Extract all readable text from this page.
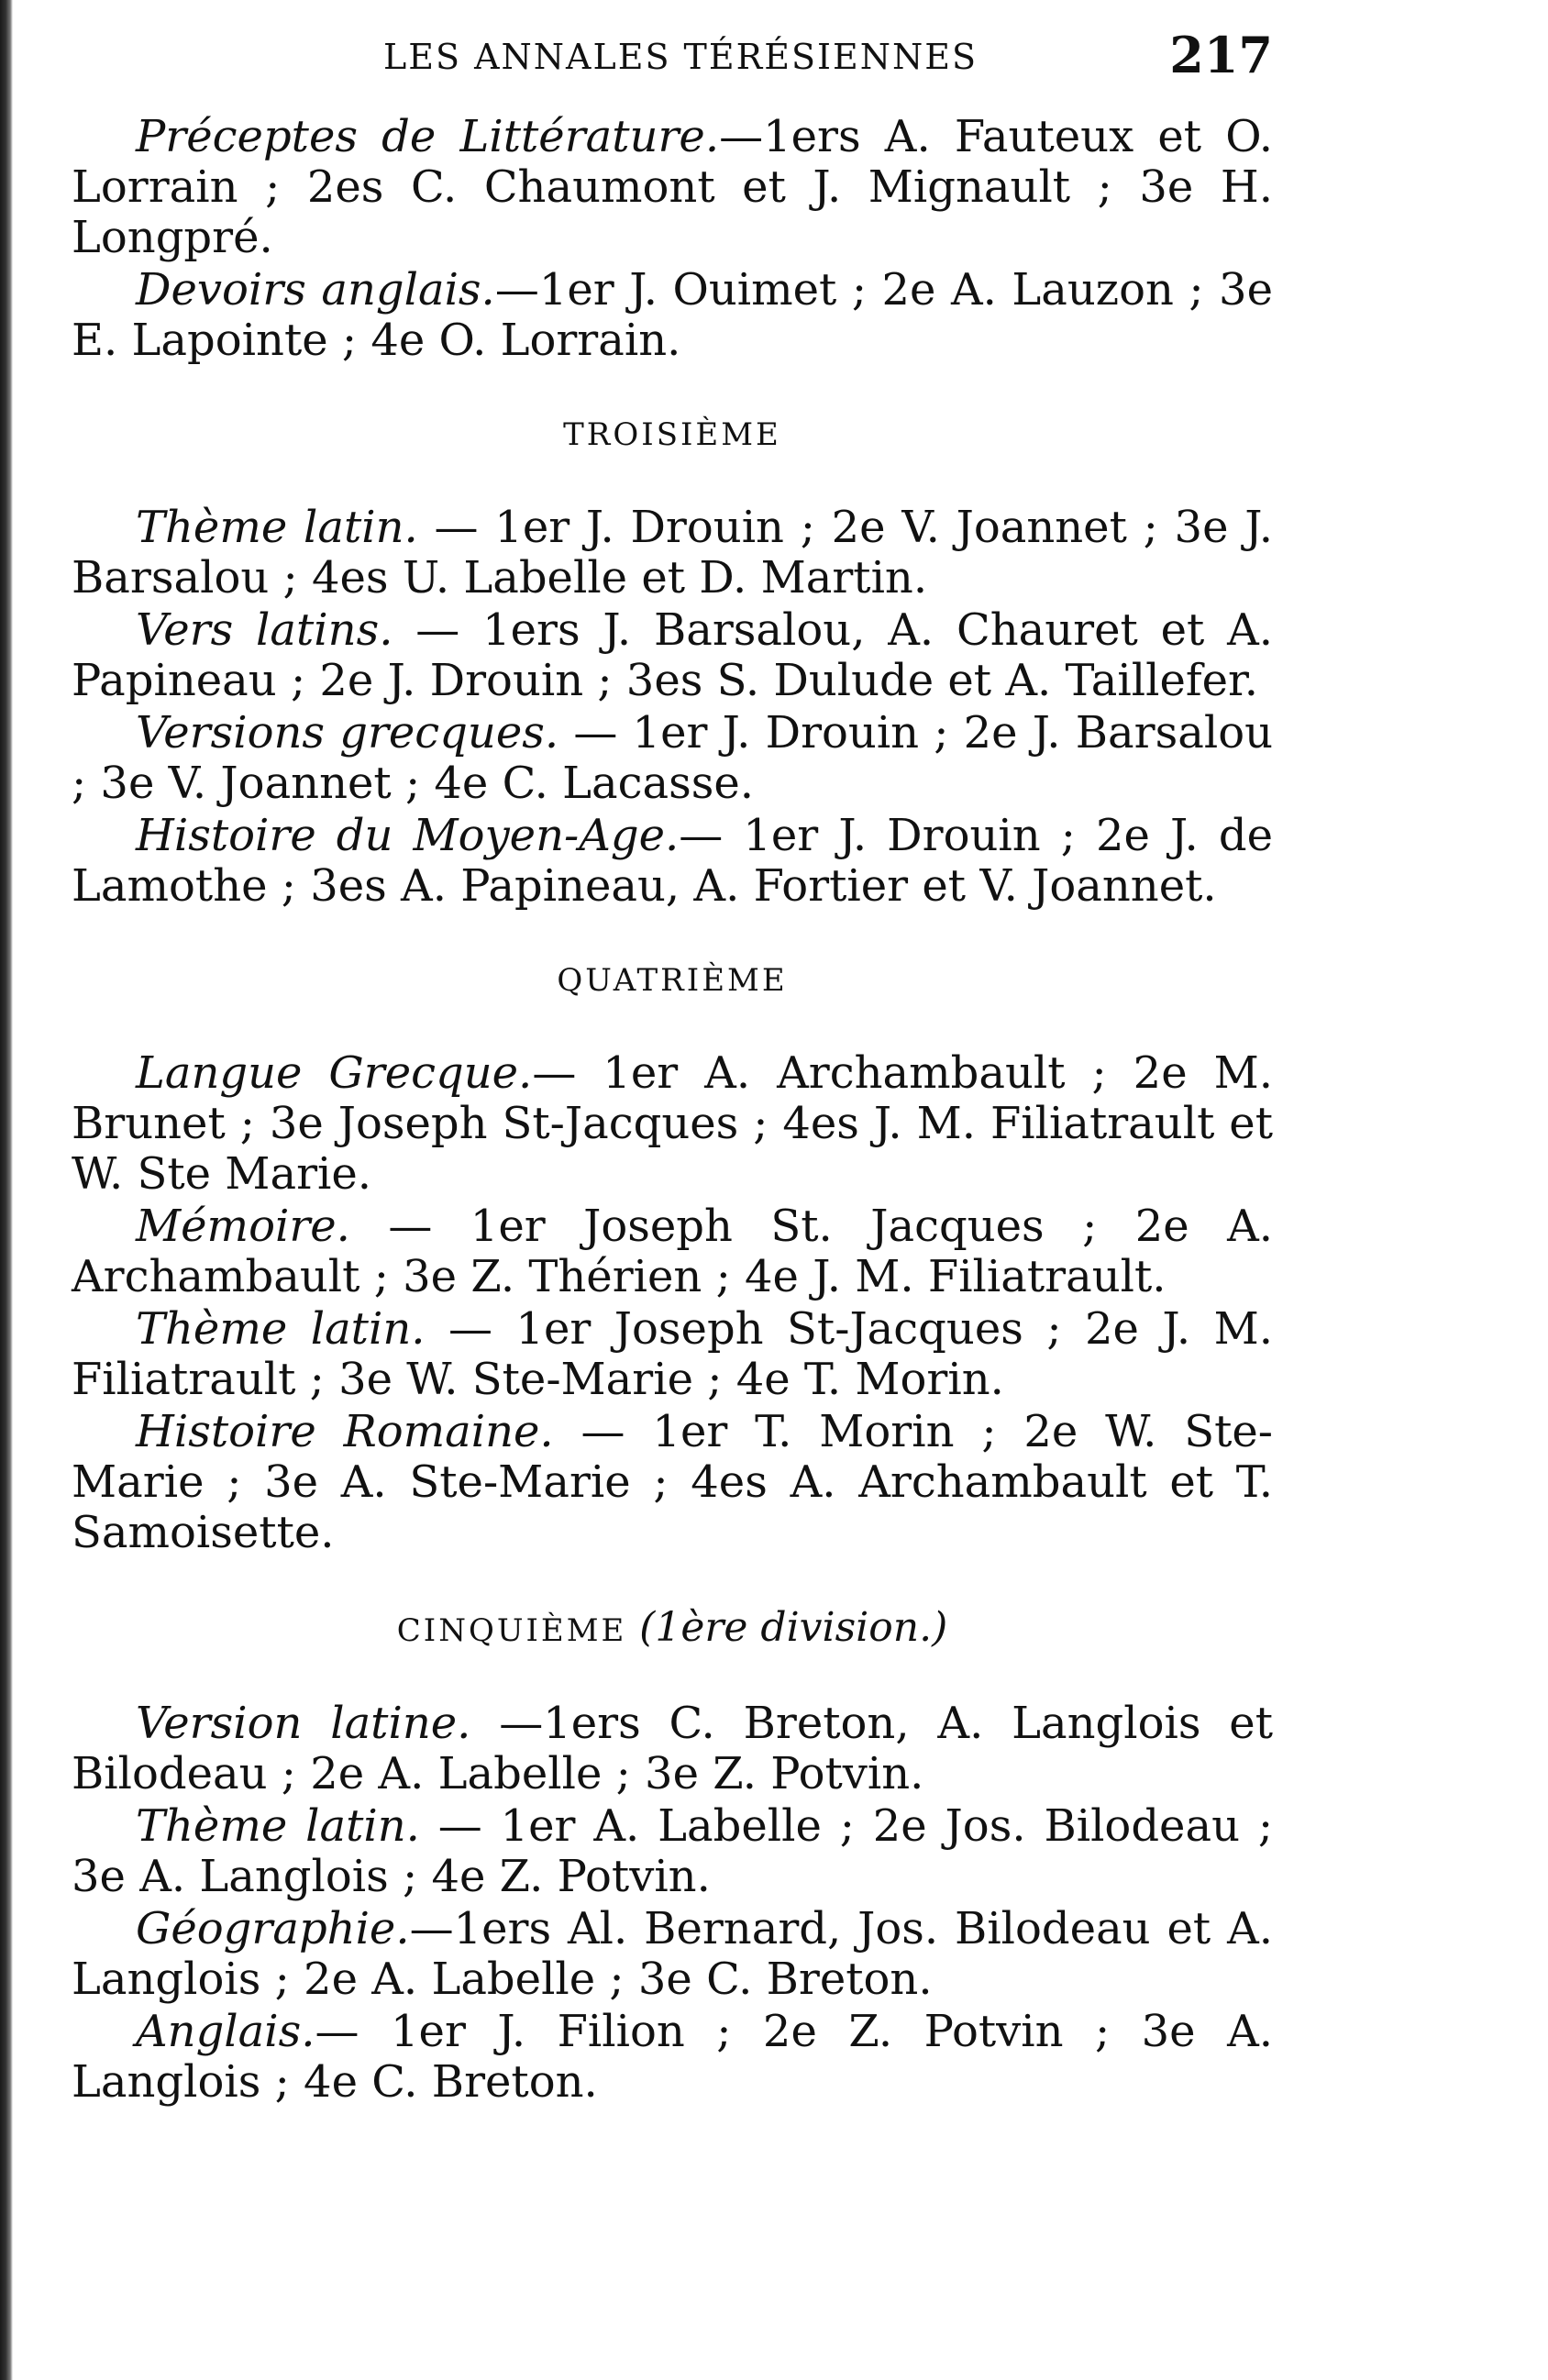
LES ANNALES TÉRÉSIENNES	217

Préceptes de Littérature.—1ers A. Fauteux et O. Lorrain ; 2es C. Chaumont et J. Mignault ; 3e H. Longpré.

Devoirs anglais.—1er J. Ouimet ; 2e A. Lauzon ; 3e E. Lapointe ; 4e O. Lorrain.

TROISIÈME

Thème latin. — 1er J. Drouin ; 2e V. Joannet ; 3e J. Barsalou ; 4es U. Labelle et D. Martin.

Vers latins. — 1ers J. Barsalou, A. Chauret et A. Papineau ; 2e J. Drouin ; 3es S. Dulude et A. Taillefer.

Versions grecques. — 1er J. Drouin ; 2e J. Barsalou ; 3e V. Joannet ; 4e C. Lacasse.

Histoire du Moyen-Age.— 1er J. Drouin ; 2e J. de Lamothe ; 3es A. Papineau, A. Fortier et V. Joannet.

QUATRIÈME

Langue Grecque.— 1er A. Archambault ; 2e M. Brunet ; 3e Joseph St-Jacques ; 4es J. M. Filiatrault et W. Ste Marie.

Mémoire. — 1er Joseph St. Jacques ; 2e A. Archambault ; 3e Z. Thérien ; 4e J. M. Filiatrault.

Thème latin. — 1er Joseph St-Jacques ; 2e J. M. Filiatrault ; 3e W. Ste-Marie ; 4e T. Morin.

Histoire Romaine. — 1er T. Morin ; 2e W. Ste-Marie ; 3e A. Ste-Marie ; 4es A. Archambault et T. Samoisette.

CINQUIÈME (1ère division.)

Version latine. —1ers C. Breton, A. Langlois et Bilodeau ; 2e A. Labelle ; 3e Z. Potvin.

Thème latin. — 1er A. Labelle ; 2e Jos. Bilodeau ; 3e A. Langlois ; 4e Z. Potvin.

Géographie.—1ers Al. Bernard, Jos. Bilodeau et A. Langlois ; 2e A. Labelle ; 3e C. Breton.

Anglais.— 1er J. Filion ; 2e Z. Potvin ; 3e A. Langlois ; 4e C. Breton.
